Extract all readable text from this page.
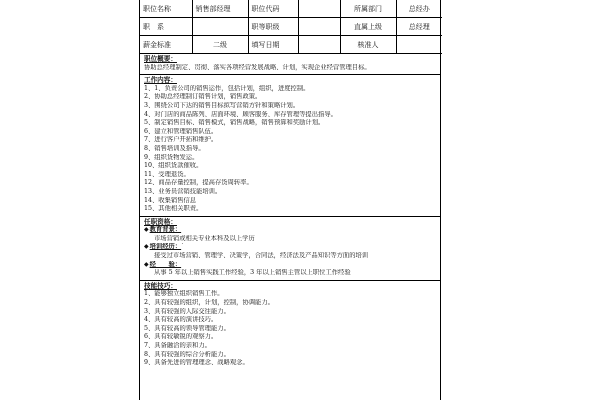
职位名称	销售部经理	职位代码		所属部门	总经办
职　系		职等职级		直属上级	总经理
薪金标准	二级	填写日期		核准人	
职位概要：
协助总经理制定、贯彻、落实各项经营发展战略、计划，实现企业经营管理目标。
工作内容：
1、1、负责公司的销售运作，包括计划，组织，进度控制。
2、协助总经理制订销售计划，销售政策。
3、围绕公司下达的销售目标拟写营销方针和策略计划。
4、对门店的商品陈列、店面环境、顾客服务、库存管理等提出指导。
5、制定销售目标、销售模式，销售战略，销售预算和奖励计划。
6、建立和管理销售队伍。
7、进行客户开拓和维护。
8、销售培训及指导。
9、组织货物发运。
10、组织货款催收。
11、受理退货。
12、商品存量控制，提高存货周转率。
13、业务员营销技能培训。
14、收集销售信息
15、其他相关职责。
任职资格：
◆教育背景：
市场营销或相关专业本科及以上学历
◆培训经历：`
接受过市场营销、管理学、决策学，合同法，经济法及产品知识等方面的培训
◆经　　验：
从事 5 年以上销售实践工作经验，3 年以上销售主管以上职位工作经验
技能技巧：
1、能够独立组织销售工作。
2、具有较强的组织，计划，控制，协调能力。
3、具有较强的人际交往能力。
4、具有较高的演讲技巧。
5、具有较高的领导管理能力。
6、具有较敏锐的观察力。
7、具备融洽的亲和力。
8、具有较强的综合分析能力。
9、具备先进的管理理念、战略观念。
